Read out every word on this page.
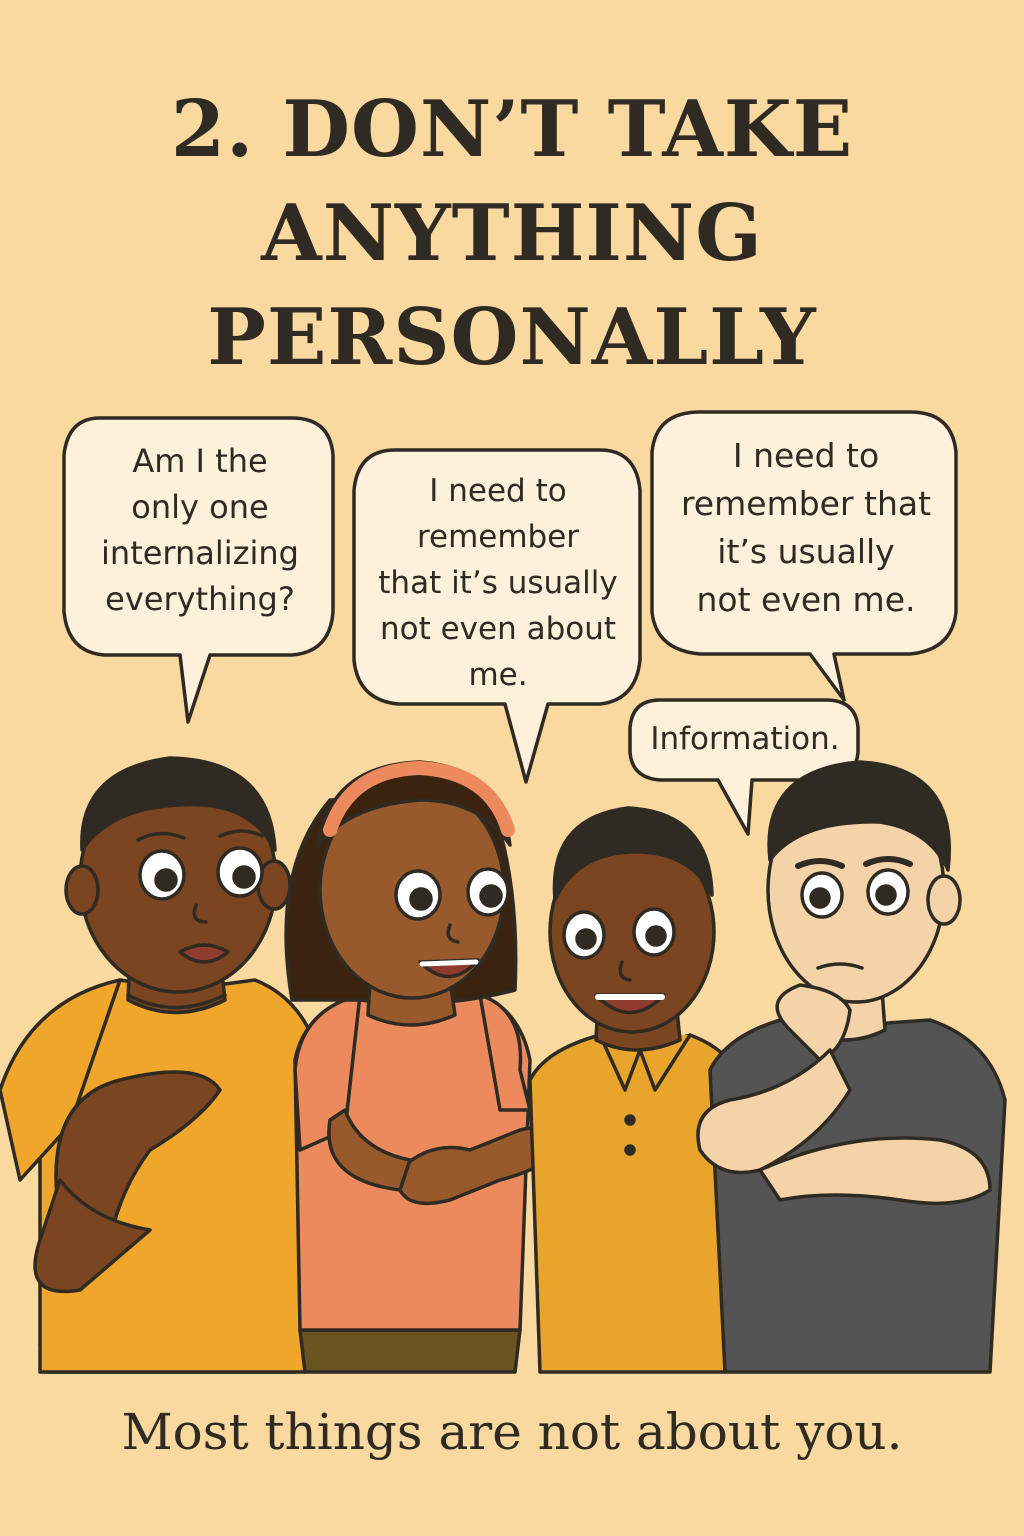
2. DON’T TAKE
ANYTHING
PERSONALLY
Am I the
only one
internalizing
everything?
I need to
remember
that it’s usually
not even about
me.
I need to
remember that
it’s usually
not even me.
Information.
Most things are not about you.
